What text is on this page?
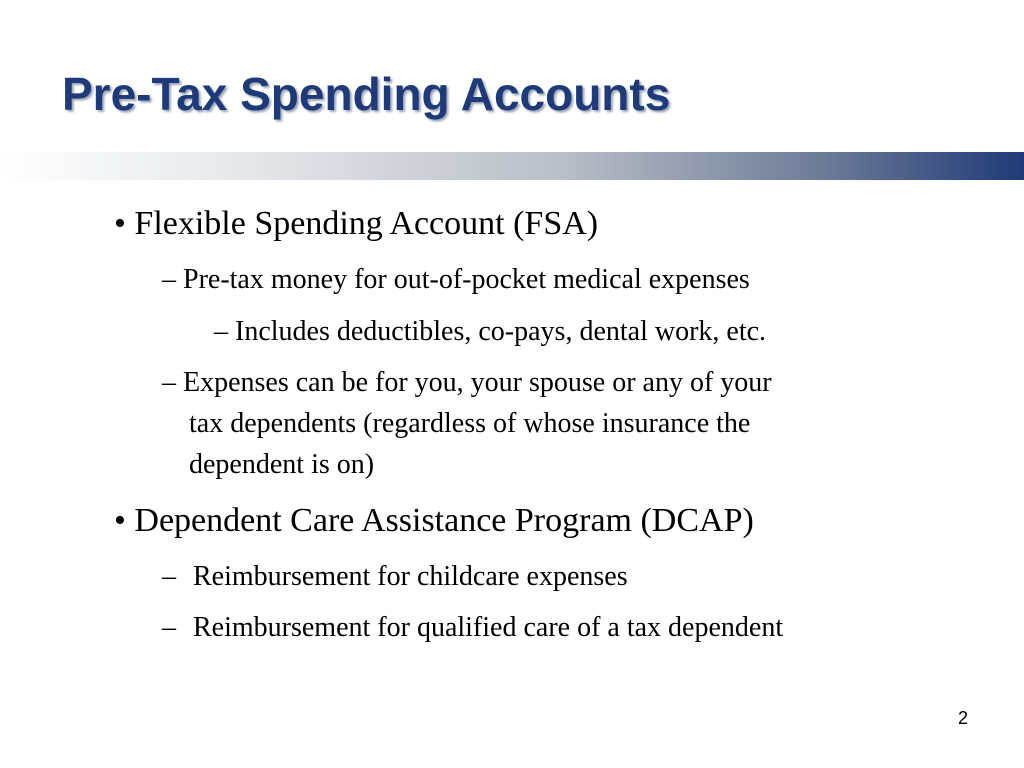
Pre-Tax Spending Accounts
• Flexible Spending Account (FSA)
– Pre-tax money for out-of-pocket medical expenses
– Includes deductibles, co-pays, dental work, etc.
– Expenses can be for you, your spouse or any of your
tax dependents (regardless of whose insurance the
dependent is on)
• Dependent Care Assistance Program (DCAP)
– Reimbursement for childcare expenses
– Reimbursement for qualified care of a tax dependent
2
